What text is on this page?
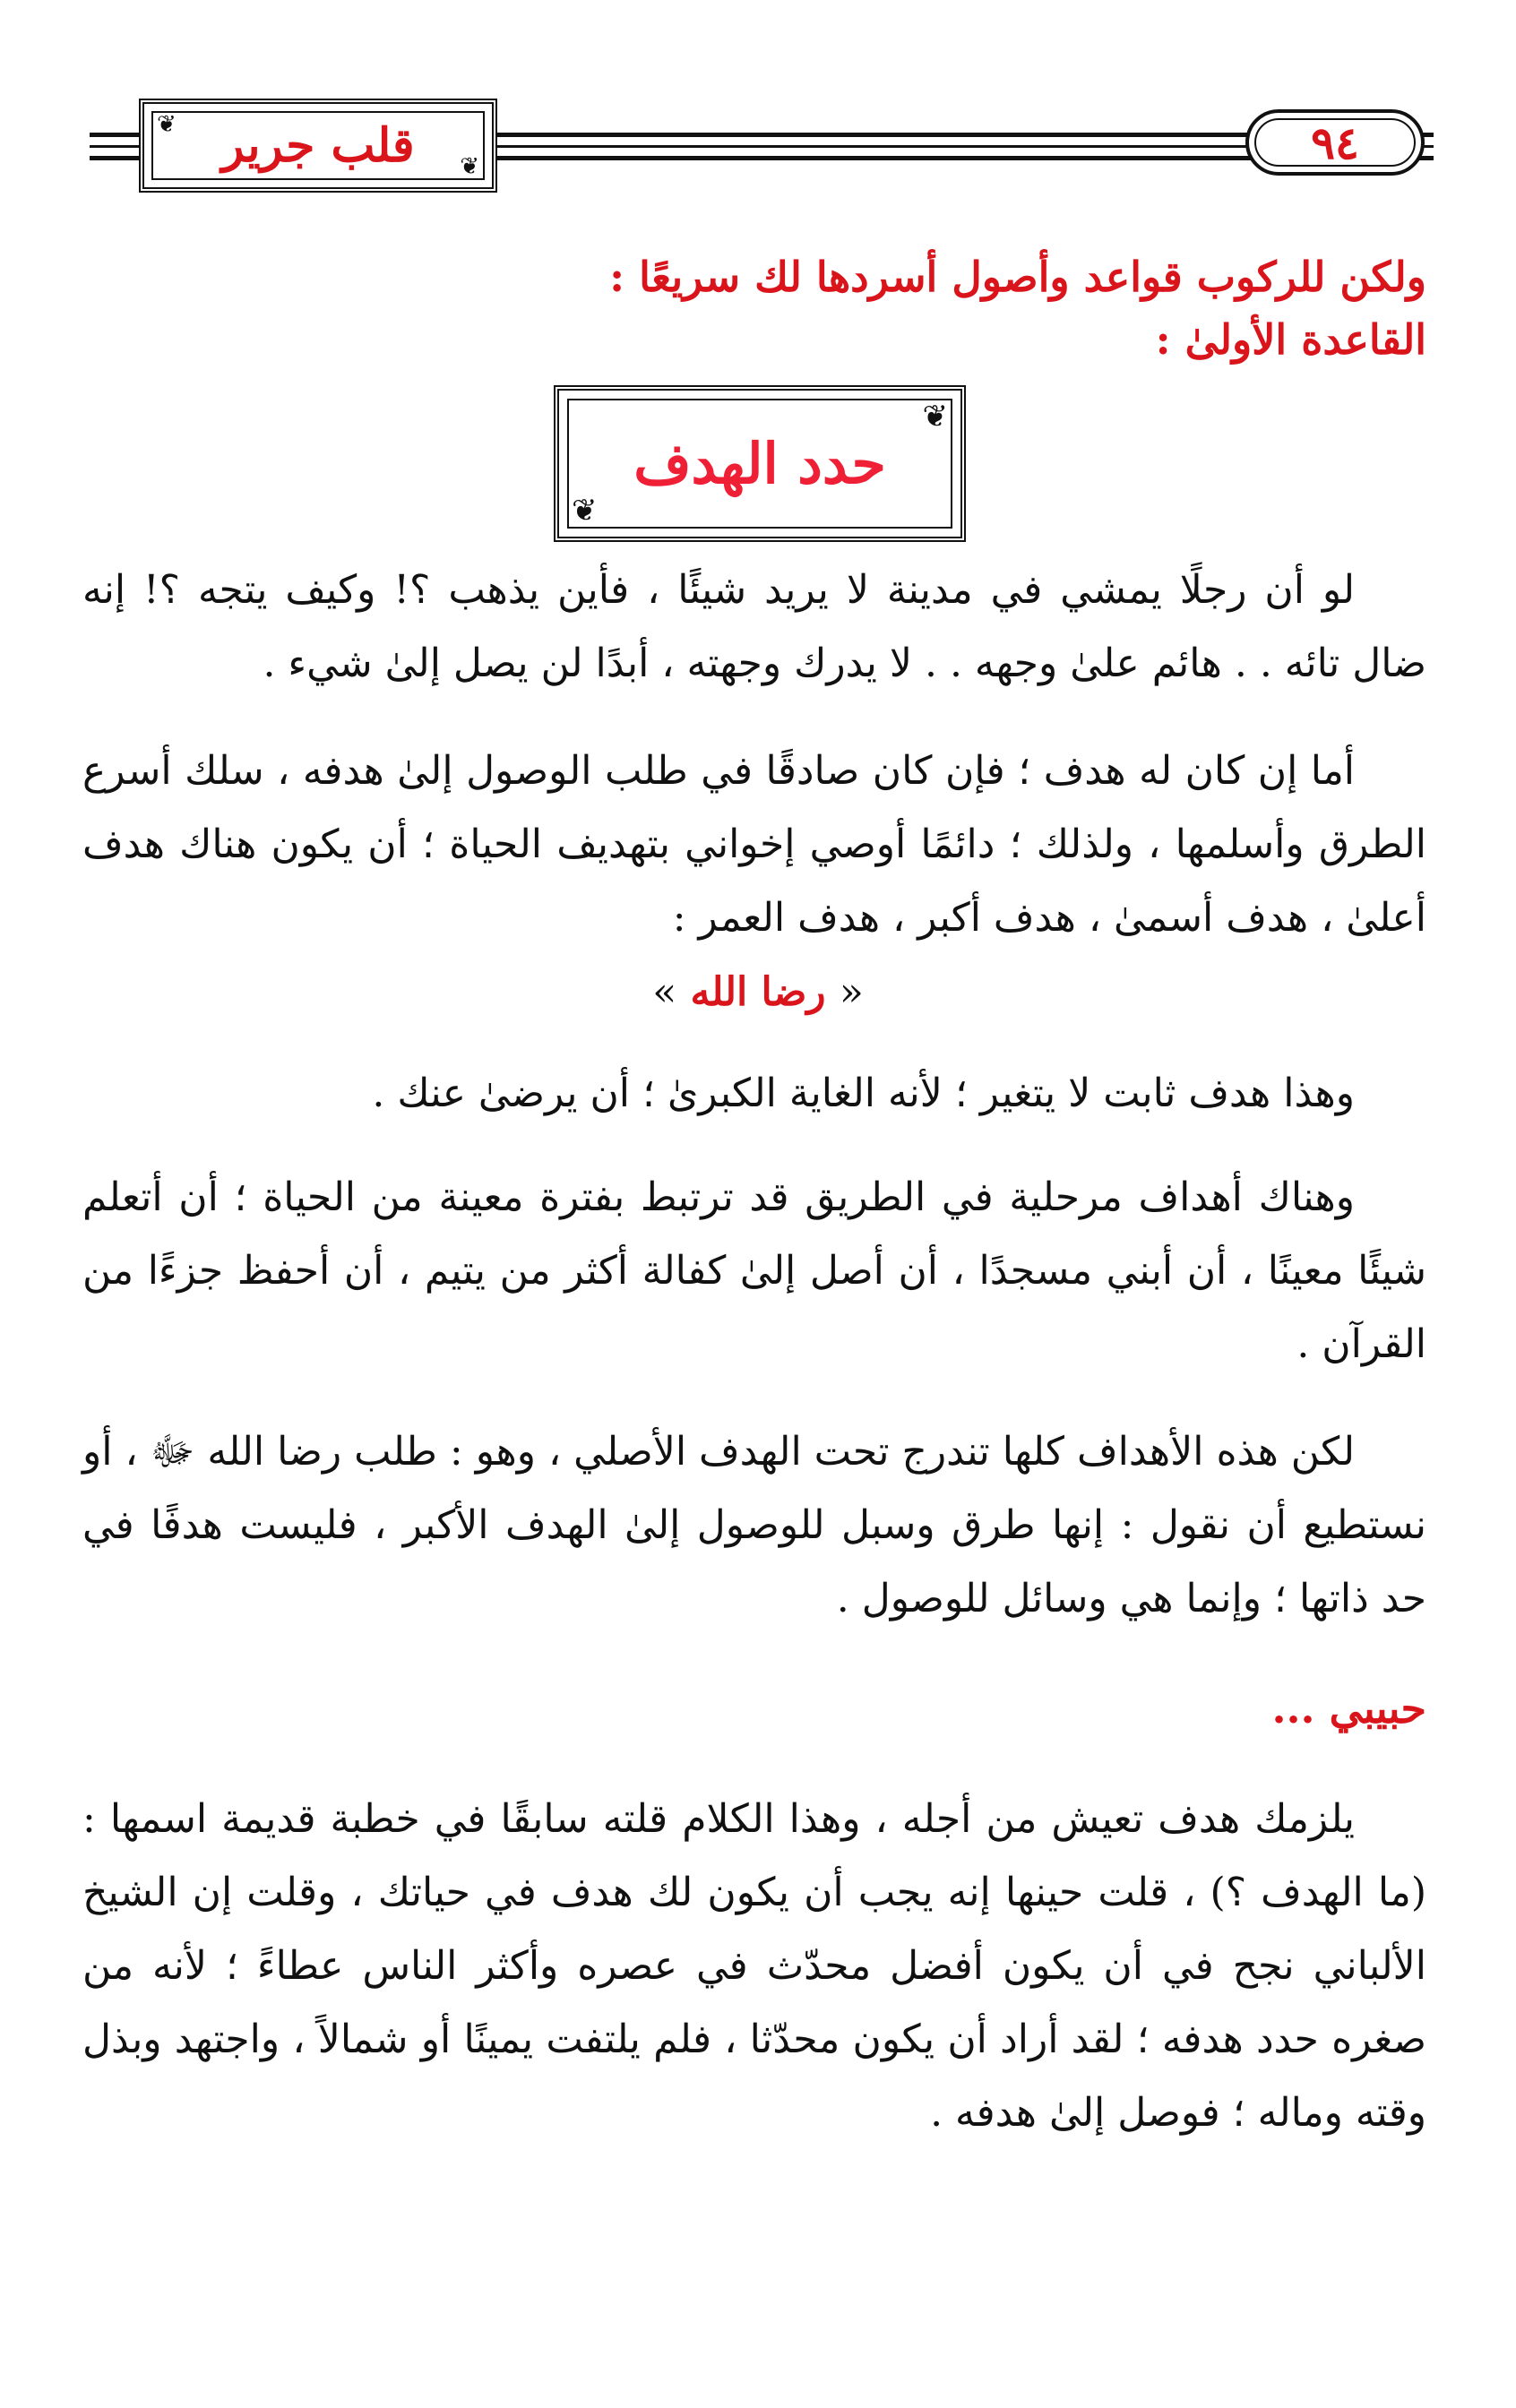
❦
❦
قلب جرير	٩٤
ولكن للركوب قواعد وأصول أسردها لك سريعًا :
القاعدة الأولىٰ :
❦
❦
حدد الهدف
لو أن رجلًا يمشي في مدينة لا يريد شيئًا ، فأين يذهب ؟! وكيف يتجه ؟! إنه ضال تائه . . هائم علىٰ وجهه . . لا يدرك وجهته ، أبدًا لن يصل إلىٰ شيء .
أما إن كان له هدف ؛ فإن كان صادقًا في طلب الوصول إلىٰ هدفه ، سلك أسرع الطرق وأسلمها ، ولذلك ؛ دائمًا أوصي إخواني بتهديف الحياة ؛ أن يكون هناك هدف أعلىٰ ، هدف أسمىٰ ، هدف أكبر ، هدف العمر :
« رضا الله »
وهذا هدف ثابت لا يتغير ؛ لأنه الغاية الكبرىٰ ؛ أن يرضىٰ عنك .
وهناك أهداف مرحلية في الطريق قد ترتبط بفترة معينة من الحياة ؛ أن أتعلم شيئًا معينًا ، أن أبني مسجدًا ، أن أصل إلىٰ كفالة أكثر من يتيم ، أن أحفظ جزءًا من القرآن .
لكن هذه الأهداف كلها تندرج تحت الهدف الأصلي ، وهو : طلب رضا الله ﷻ ، أو نستطيع أن نقول : إنها طرق وسبل للوصول إلىٰ الهدف الأكبر ، فليست هدفًا في حد ذاتها ؛ وإنما هي وسائل للوصول .
حبيبي ...
يلزمك هدف تعيش من أجله ، وهذا الكلام قلته سابقًا في خطبة قديمة اسمها : (ما الهدف ؟) ، قلت حينها إنه يجب أن يكون لك هدف في حياتك ، وقلت إن الشيخ الألباني نجح في أن يكون أفضل محدّث في عصره وأكثر الناس عطاءً ؛ لأنه من صغره حدد هدفه ؛ لقد أراد أن يكون محدّثا ، فلم يلتفت يمينًا أو شمالاً ، واجتهد وبذل وقته وماله ؛ فوصل إلىٰ هدفه .
